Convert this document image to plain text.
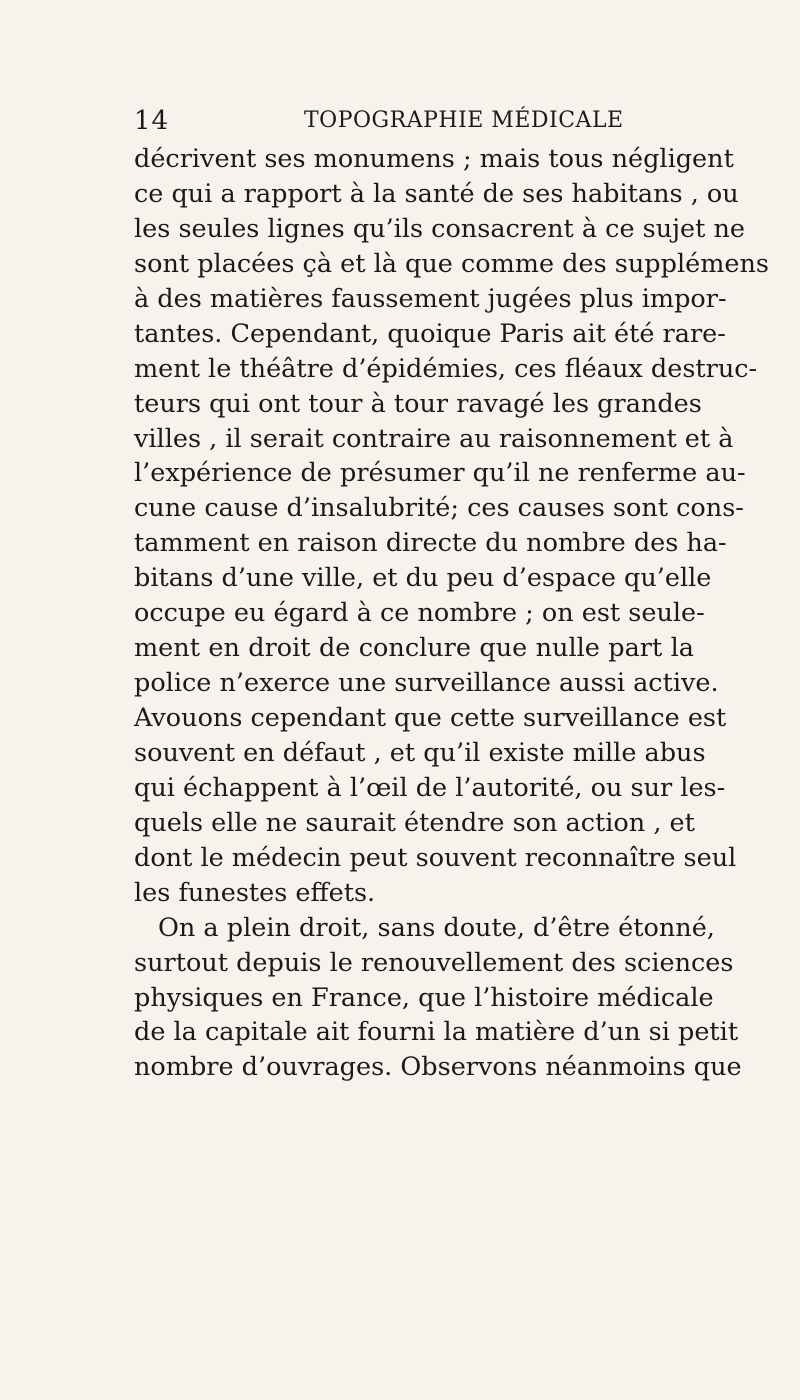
14	TOPOGRAPHIE MÉDICALE
décrivent ses monumens ; mais tous négligent
ce qui a rapport à la santé de ses habitans , ou
les seules lignes qu’ils consacrent à ce sujet ne
sont placées çà et là que comme des supplémens
à des matières faussement jugées plus impor-
tantes. Cependant, quoique Paris ait été rare-
ment le théâtre d’épidémies, ces fléaux destruc-
teurs qui ont tour à tour ravagé les grandes
villes , il serait contraire au raisonnement et à
l’expérience de présumer qu’il ne renferme au-
cune cause d’insalubrité; ces causes sont cons-
tamment en raison directe du nombre des ha-
bitans d’une ville, et du peu d’espace qu’elle
occupe eu égard à ce nombre ; on est seule-
ment en droit de conclure que nulle part la
police n’exerce une surveillance aussi active.
Avouons cependant que cette surveillance est
souvent en défaut , et qu’il existe mille abus
qui échappent à l’œil de l’autorité, ou sur les-
quels elle ne saurait étendre son action , et
dont le médecin peut souvent reconnaître seul
les funestes effets.
On a plein droit, sans doute, d’être étonné,
surtout depuis le renouvellement des sciences
physiques en France, que l’histoire médicale
de la capitale ait fourni la matière d’un si petit
nombre d’ouvrages. Observons néanmoins que
